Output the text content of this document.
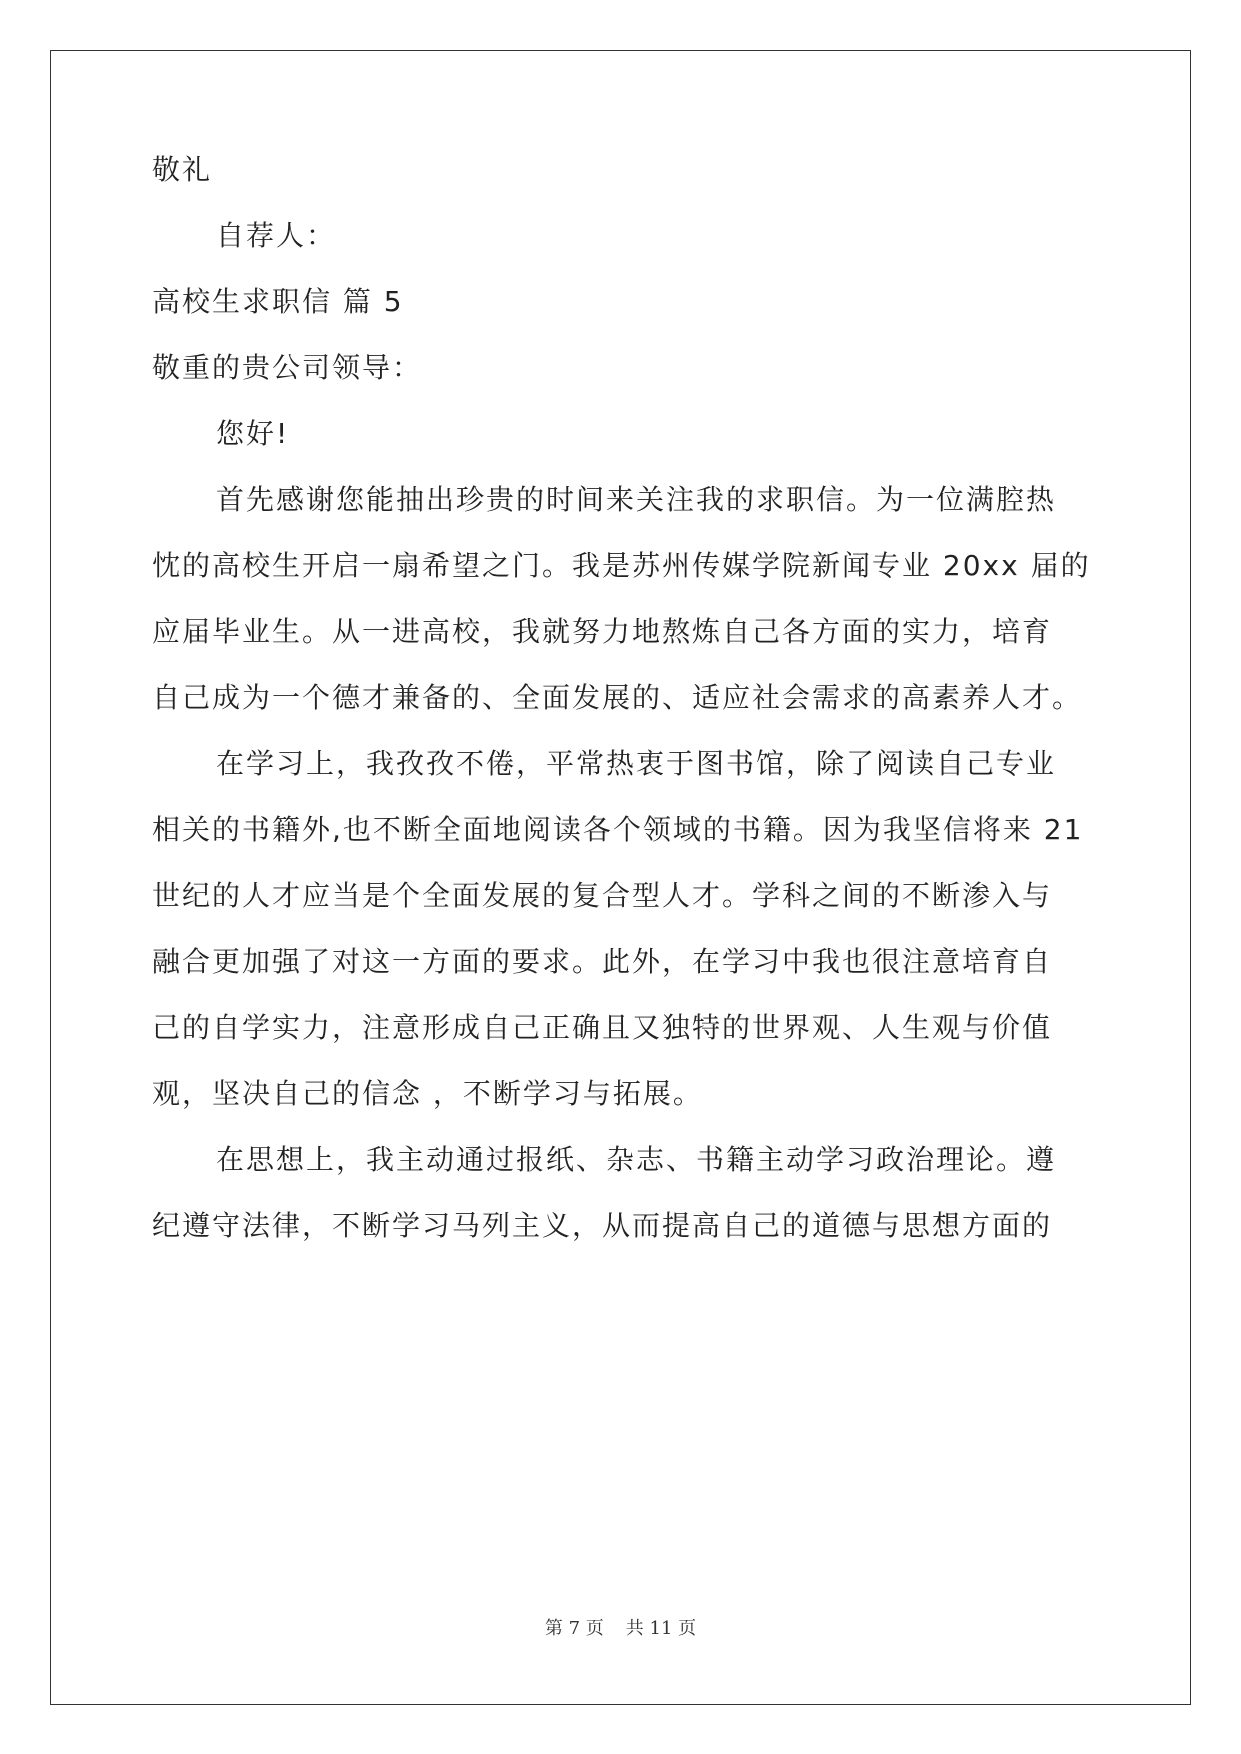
敬礼
自荐人：
高校生求职信 篇 5
敬重的贵公司领导：
您好!
首先感谢您能抽出珍贵的时间来关注我的求职信。为一位满腔热
忱的高校生开启一扇希望之门。我是苏州传媒学院新闻专业 20xx 届的
应届毕业生。从一进高校，我就努力地熬炼自己各方面的实力，培育
自己成为一个德才兼备的、全面发展的、适应社会需求的高素养人才。
在学习上，我孜孜不倦，平常热衷于图书馆，除了阅读自己专业
相关的书籍外,也不断全面地阅读各个领域的书籍。因为我坚信将来 21
世纪的人才应当是个全面发展的复合型人才。学科之间的不断渗入与
融合更加强了对这一方面的要求。此外，在学习中我也很注意培育自
己的自学实力，注意形成自己正确且又独特的世界观、人生观与价值
观，坚决自己的信念 ，不断学习与拓展。
在思想上，我主动通过报纸、杂志、书籍主动学习政治理论。遵
纪遵守法律，不断学习马列主义，从而提高自己的道德与思想方面的
第 7 页 共 11 页
